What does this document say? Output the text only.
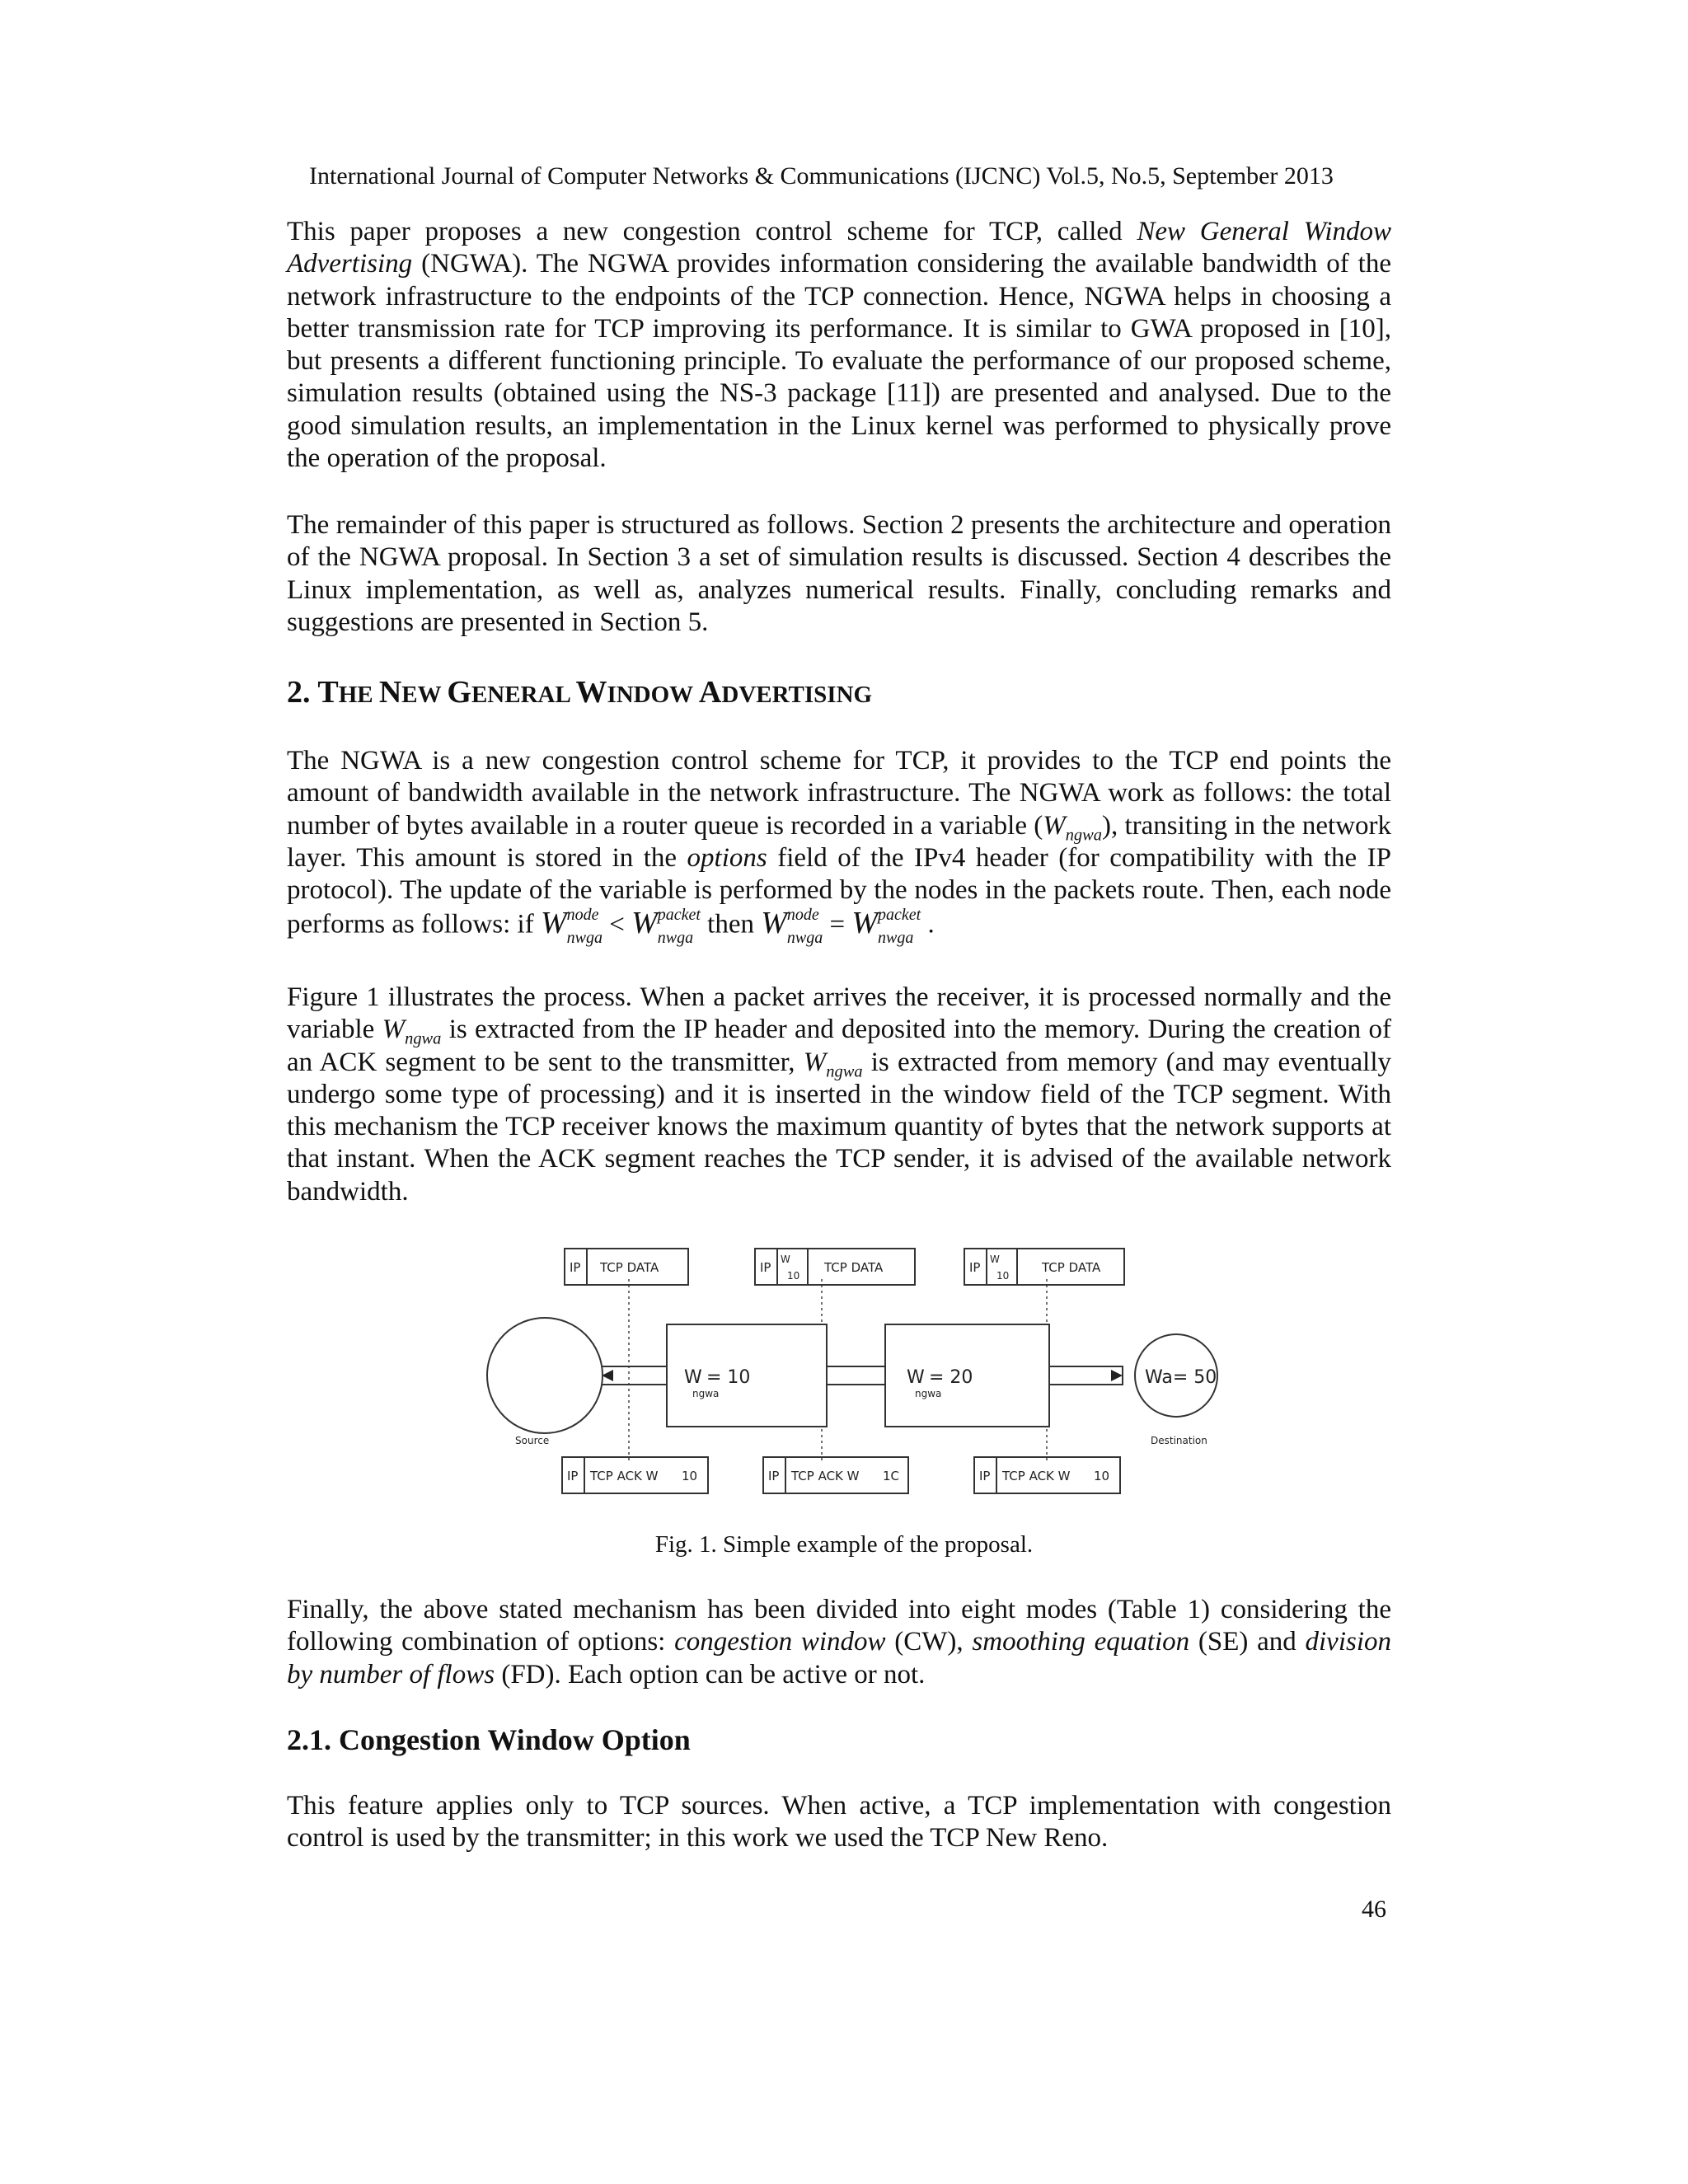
International Journal of Computer Networks & Communications (IJCNC) Vol.5, No.5, September 2013

This paper proposes a new congestion control scheme for TCP, called New General Window Advertising (NGWA). The NGWA provides information considering the available bandwidth of the network infrastructure to the endpoints of the TCP connection. Hence, NGWA helps in choosing a better transmission rate for TCP improving its performance. It is similar to GWA proposed in [10], but presents a different functioning principle. To evaluate the performance of our proposed scheme, simulation results (obtained using the NS-3 package [11]) are presented and analysed. Due to the good simulation results, an implementation in the Linux kernel was performed to physically prove the operation of the proposal.

The remainder of this paper is structured as follows. Section 2 presents the architecture and operation of the NGWA proposal. In Section 3 a set of simulation results is discussed. Section 4 describes the Linux implementation, as well as, analyzes numerical results. Finally, concluding remarks and suggestions are presented in Section 5.

2. THE NEW GENERAL WINDOW ADVERTISING

The NGWA is a new congestion control scheme for TCP, it provides to the TCP end points the amount of bandwidth available in the network infrastructure. The NGWA work as follows: the total number of bytes available in a router queue is recorded in a variable $(W_{ngwa})$, transiting in the network layer. This amount is stored in the options field of the IPv4 header (for compatibility with the IP protocol). The update of the variable is performed by the nodes in the packets route. Then, each node performs as follows: if W node
nwga < W packet
nwga then W node
nwga = W packet
nwga .

Figure 1 illustrates the process. When a packet arrives the receiver, it is processed normally and the variable $W_{ngwa}$ is extracted from the IP header and deposited into the memory. During the creation of an ACK segment to be sent to the transmitter, $W_{ngwa}$ is extracted from memory (and may eventually undergo some type of processing) and it is inserted in the window field of the TCP segment. With this mechanism the TCP receiver knows the maximum quantity of bytes that the network supports at that instant. When the ACK segment reaches the TCP sender, it is advised of the available network bandwidth.

IP TCP DATA	IP
W
10
TCP DATA	IP
W
10
TCP DATA
Wa= 50
Source	Destination
W
ngwa
= 10	W
ngwa
= 20
IP TCP ACK W 10	IP TCP ACK W 1C	IP TCP ACK W 10
Fig. 1. Simple example of the proposal.

Finally, the above stated mechanism has been divided into eight modes (Table 1) considering the following combination of options: congestion window (CW), smoothing equation (SE) and division by number of flows (FD). Each option can be active or not.

2.1. Congestion Window Option

This feature applies only to TCP sources. When active, a TCP implementation with congestion control is used by the transmitter; in this work we used the TCP New Reno.

46
